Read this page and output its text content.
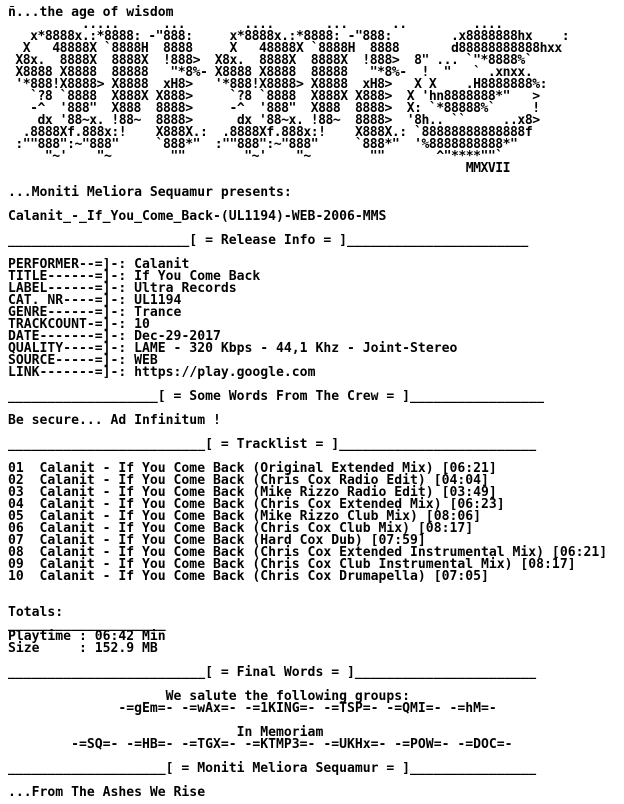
ñ...the age of wisdom
.....      ...        ....       ...      ..         ....
x*8888x.:*8888: -"888:     x*8888x.:*8888: -"888:        .x8888888hx    :
X   48888X `8888H  8888     X   48888X `8888H  8888       d88888888888hxx
X8x.  8888X  8888X  !888>  X8x.  8888X  8888X  !888>  8" ... `"*8888%`
X8888 X8888  88888   "*8%- X8888 X8888  88888   "*8%-  !  "   ` .xnxx.
'*888!X8888> X8888  xH8>   '*888!X8888> X8888  xH8>   X X    .H8888888%:
`?8 `8888  X888X X888>     `?8 `8888  X888X X888>  X 'hn8888888*"   >
-^  '888"  X888  8888>     -^  '888"  X888  8888>  X: `*88888%`     !
dx '88~x. !88~  8888>      dx '88~x. !88~  8888>  '8h.. ``     ..x8>
.8888Xf.888x:!    X888X.:  .8888Xf.888x:!    X888X.: `88888888888888f
:""888":~"888"     `888*"  :""888":~"888"     `888*"  '%8888888888*"
"~'    "~        ""        "~'    "~        ""       ^"****""`
MMXVII
...Moniti Meliora Sequamur presents:
Calanit_-_If_You_Come_Back-(UL1194)-WEB-2006-MMS
_______________________[ = Release Info = ]_______________________
PERFORMER--=]-: Calanit
TITLE------=]-: If You Come Back
LABEL------=]-: Ultra Records
CAT. NR----=]-: UL1194
GENRE------=]-: Trance
TRACKCOUNT-=]-: 10
DATE-------=]-: Dec-29-2017
QUALITY----=]-: LAME - 320 Kbps - 44,1 Khz - Joint-Stereo
SOURCE-----=]-: WEB
LINK-------=]-: https://play.google.com
___________________[ = Some Words From The Crew = ]_________________
Be secure... Ad Infinitum !
_________________________[ = Tracklist = ]_________________________
01  Calanit - If You Come Back (Original Extended Mix) [06:21]
02  Calanit - If You Come Back (Chris Cox Radio Edit) [04:04]
03  Calanit - If You Come Back (Mike Rizzo Radio Edit) [03:49]
04  Calanit - If You Come Back (Chris Cox Extended Mix) [06:23]
05  Calanit - If You Come Back (Mike Rizzo Club Mix) [08:06]
06  Calanit - If You Come Back (Chris Cox Club Mix) [08:17]
07  Calanit - If You Come Back (Hard Cox Dub) [07:59]
08  Calanit - If You Come Back (Chris Cox Extended Instrumental Mix) [06:21]
09  Calanit - If You Come Back (Chris Cox Club Instrumental Mix) [08:17]
10  Calanit - If You Come Back (Chris Cox Drumapella) [07:05]
Totals:
____________________
Playtime : 06:42 Min
Size     : 152.9 MB
_________________________[ = Final Words = ]_______________________
We salute the following groups:
-=gEm=- -=wAx=- -=1KING=- -=TSP=- -=QMI=- -=hM=-
In Memoriam
-=SQ=- -=HB=- -=TGX=- -=KTMP3=- -=UKHx=- -=POW=- -=DOC=-
____________________[ = Moniti Meliora Sequamur = ]________________
...From The Ashes We Rise
